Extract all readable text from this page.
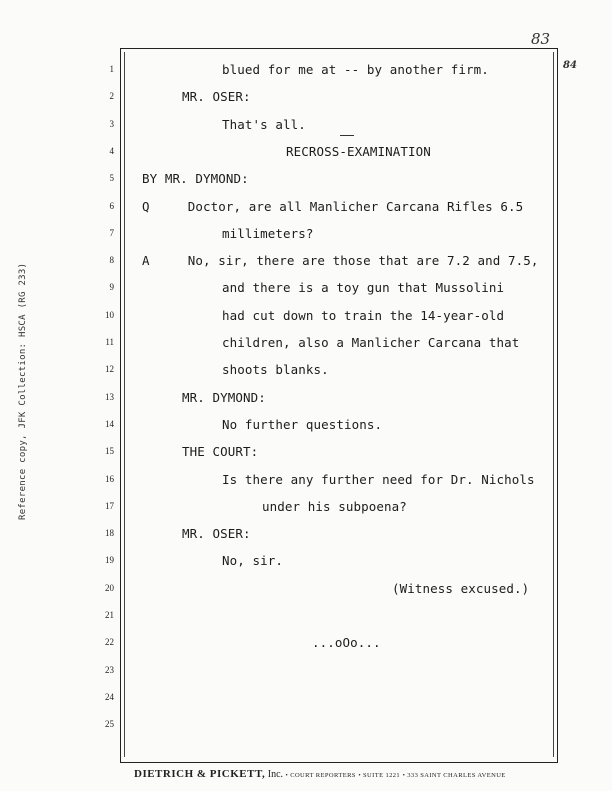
83
84
Reference copy, JFK Collection: HSCA (RG 233)
1	blued for me at -- by another firm.
2	MR. OSER:
3	That's all.
4	RECROSS-EXAMINATION
5 BY MR. DYMOND:
6 Q     Doctor, are all Manlicher Carcana Rifles 6.5
7	millimeters?
8 A     No, sir, there are those that are 7.2 and 7.5,
9	and there is a toy gun that Mussolini
10	had cut down to train the 14-year-old
11	children, also a Manlicher Carcana that
12	shoots blanks.
13	MR. DYMOND:
14	No further questions.
15	THE COURT:
16	Is there any further need for Dr. Nichols
17	under his subpoena?
18	MR. OSER:
19	No, sir.
20	(Witness excused.)
21
22	...oOo...
23
24
25
DIETRICH & PICKETT, Inc. • COURT REPORTERS • SUITE 1221 • 333 SAINT CHARLES AVENUE
